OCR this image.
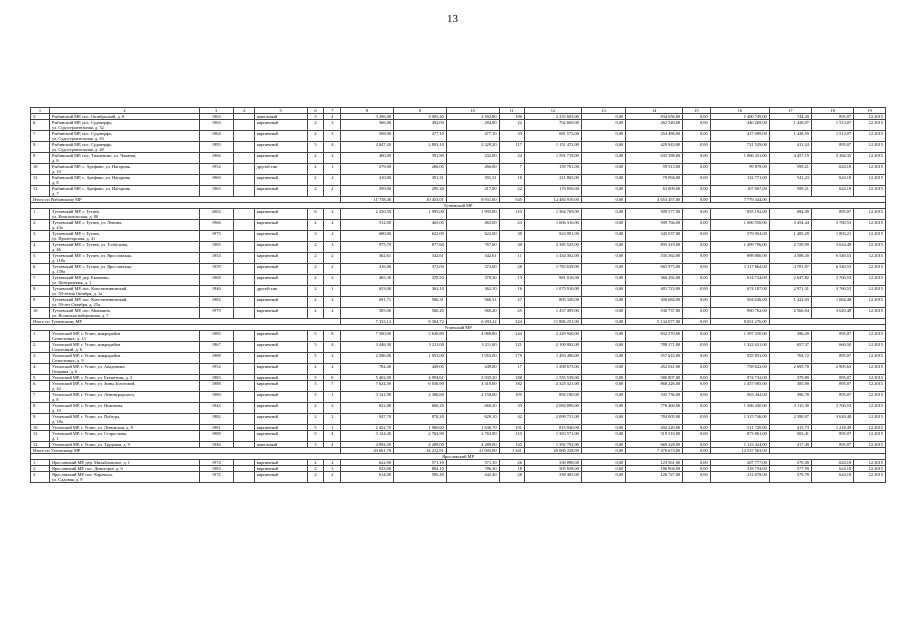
13
1	2	3	4	5	6	7	8	9	10	11	12	13	14	15	16	17	18	19
5.	Рыбинский МР, пос. Октябрьский, д. 8	1963		панельный	5	4	3 296,00	3 005,40	2 502,80	186	2 235 605,00	0,00	834 656,00	0,00	1 400 749,00	744,29	895,07	12.2015
6.	Рыбинский МР, пос. Судоверфь,
ул. Судостроительная, д. 32	1963		кирпичный	2	3	566,00	492,00	284,90	22	702 669,00	0,00	262 540,00	0,00	440 269,00	1 428,07	1 513,07	12.2015
7.	Рыбинский МР, пос. Судоверфь,
ул. Судостроительная, д. 33	1964		кирпичный	2	3	508,00	477,10	477,10	33	681 575,00	0,00	254 486,00	0,00	427 089,00	1 428,59	1 513,07	12.2015
8.	Рыбинский МР, пос. Судоверфь,
ул. Судостроительная, д. 28	1995		кирпичный	5	4	2 847,20	2 803,10	2 329,20	117	1 151 472,00	0,00	429 943,00	0,00	721 529,00	411,24	895,07	12.2015
9.	Рыбинский МР, пос. Тихменово, ул. Чапаева,
д. 6	1966		кирпичный	2	2	400,09	391,80	232,00	24	1 591 719,00	0,00	635 388,00	0,00	1 066 331,00	4 457,19	5 364,35	12.2015
10.	Рыбинский МР, с. Арефино, ул. Нагорная,
д. 10	1952		другой тип	2	1	279,00	266,00	266,00	7	159 761,00	0,00	59 513,00	0,00	99 878,00	599,21	624,18	12.2015
11.	Рыбинский МР, с. Арефино, ул. Нагорная,
д. 8	1969		кирпичный	2	2	410,00	391,31	391,31	18	211 865,00	0,00	79 094,00	0,00	132 771,00	541,23	624,18	12.2015
12.	Рыбинский МР, с. Арефино, ул. Нагорная,
д. 7	1965		кирпичный	2	2	299,00	295,30	217,00	22	170 856,00	0,00	63 809,00	0,00	107 067,00	599,21	624,18	12.2015
Итого по Рыбинскому МР							11 738,40	10 453,01	8 931,60	545	12 484 919,00	0,00	4 653 457,00	0,00	7 779 444,00			
Тутаевский МР																		
1.	Тутаевский МР, г. Тутаев,
ул. Комсомольская, д. 80	2002		кирпичный	6	2	2 250,50	1 995,00	1 995,00	110	1 364 769,00	0,00	509 577,00	0,00	855 192,00	684,09	895,07	12.2015
2.	Тутаевский МР, г. Тутаев, ул. Ленина,
д. 43а	1966		кирпичный	2	2	512,00	465,00	465,00	23	1 606 316,00	0,00	599 766,00	0,00	1 006 550,00	3 454,44	3 760,53	12.2015
3.	Тутаевский МР, г. Тутаев,
ул. Пролетарская, д. 41	1975		кирпичный	3	2	680,00	622,00	622,00	30	924 091,00	0,00	345 037,00	0,00	579 054,00	1 485,29	1 803,21	12.2015
4.	Тутаевский МР, г. Тутаев, ул. Толбухина,
д. 46	1985		кирпичный	2	3	975,79	877,60	767,60	40	2 395 525,00	0,00	895 419,00	0,00	1 499 706,00	2 729,99	3 624,48	12.2015
5.	Тутаевский МР, г. Тутаев, ул. Ярославская,
д. 118а	1954		кирпичный	2	2	362,61	342,61	342,61	11	1 434 362,00	0,00	535 562,00	0,00	898 800,00	4 588,30	6 540,53	12.2015
6.	Тутаевский МР, г. Тутаев, ул. Ярославская,
д. 139а	1959		кирпичный	2	2	416,00	373,00	373,00	28	1 783 639,00	0,00	665 975,00	0,00	1 117 664,00	4 781,87	6 540,53	12.2015
7.	Тутаевский МР, дер. Емишево,
ул. Центральная, д. 1	1968		кирпичный	2	2	465,30	370,50	370,50	13	981 016,00	0,00	366 292,00	0,00	614 724,00	2 647,82	3 760,53	12.2015
8.	Тутаевский МР, пос. Константиновский,
ул. 50-летия Октября, д. 1а	1946		другой тип	2	1	653,00	362,10	362,10	16	1 075 910,00	0,00	401 723,00	0,00	674 187,00	2 971,31	3 760,53	12.2015
9.	Тутаевский МР, пос. Константиновский,
ул. 50-лет Октября, д. 25а	1982		кирпичный	2	2	691,71	566,31	566,31	27	805 320,00	0,00	300 684,00	0,00	504 636,00	1 422,03	1 664,48	12.2015
10.	Тутаевский МР, пос. Микшино,
ул. Волжская набережная, д. 7	1979		кирпичный	2	2	585,00	560,20	560,20	25	1 437 499,00	0,00	536 737,00	0,00	900 762,00	2 566,04	3 620,48	12.2015
Итого по Тутаевскому МР							7 333,12	6 304,72	6 293,22	324	11 886 251,00	0,00	5 134 077,00	0,00	8 651 276,00			
Угличский МР																		
1.	Угличский МР, г. Углич, микрорайон
Селистовых, д. 13	1985		кирпичный	5	8	7 500,00	5 630,80	4 968,80	244	2 229 920,00	0,00	832 570,00	0,00	1 397 250,00	396,20	895,07	12.2015
2.	Угличский МР, г. Углич, микрорайон
Солнечный, д. 6	1967		кирпичный	5	4	3 446,30	3 211,00	3 211,00	121	2 100 802,00	0,00	788 171,00	0,00	1 322 631,00	657,37	660,50	12.2015
3.	Угличский МР, г. Углич, микрорайон
Селистовых, д. 9	1988		кирпичный	5	2	2 586,00	1 953,00	1 953,00	179	1 493 496,00	0,00	557 643,00	0,00	935 853,00	764,72	895,07	12.2015
4.	Угличский МР, г. Углич, ул. Академика
Опарина, д. 6	1952		кирпичный	2	2	784,40	449,00	449,00	17	1 208 675,00	0,00	452 041,00	0,00	758 622,00	2 695,78	2 905,63	12.2015
5.	Угличский МР, г. Углич, ул. Бехметова, д. 3	1983		кирпичный	5	6	5 402,00	4 994,61	3 935,20	188	1 555 539,00	0,00	580 807,00	0,00	974 732,00	379,89	895,07	12.2015
6.	Угличский МР, г. Углич, ул. Зины Золотовой,
д. 42	1988		кирпичный	5	7	7 624,50	6 036,90	4 310,00	182	2 325 321,00	0,00	868 226,00	0,00	1 457 095,00	385,90	895,07	12.2015
7.	Угличский МР, г. Углич, ул. Ленинградского,
д. 8	1989		кирпичный	5	1	3 141,90	2 306,60	2 150,00	105	894 180,00	0,00	335 736,00	0,00	563 444,00	396,78	895,07	12.2015
8.	Угличский МР, г. Углич, ул. Никонова,
д. 10	1944		кирпичный	2	2	822,88	660,20	660,20	33	2 084 890,00	0,00	778 460,00	0,00	1 306 430,00	3 115,30	3 760,53	12.2015
9.	Угличский МР, г. Углич, ул. Победы,
д. 18а	1982		кирпичный	2	2	947,70	878,20	829,10	42	2 099 751,00	0,00	784 005,00	0,00	1 315 746,00	2 390,97	3 620,48	12.2015
10.	Угличский МР, г. Углич, ул. Ленинская, д. 8	1981		кирпичный	5	1	2 452,70	1 960,60	1 636,70	101	815 940,00	0,00	304 220,00	0,00	511 720,00	415,73	1 218,49	12.2015
11.	Угличский МР, г. Углич, ул. Старостина,
д. 1	1989		кирпичный	5	4	3 124,40	2 763,90	2 763,90	110	1 393 571,00	0,00	519 510,00	0,00	873 861,00	503,41	895,07	12.2015
12.	Угличский МР, г. Углич, ул. Трудовая, д. 9	1946		панельный	3	4	4 894,50	4 289,00	4 289,00	145	1 392 792,00	0,00	669 228,00	0,00	1 123 424,00	417,49	895,07	12.2015
Итого по Угличскому МР							43 661,78	34 212,91	31 005,00	1 341	20 069 228,00	0,00	7 470 673,00	0,00	12 537 563,00			
Ярославский МР																		
1.	Ярославский МР, дер. Михайловское, д. 1	1974		кирпичный	2	2	622,90	571,10	571,10	26	330 098,00	0,00	123 561,00	0,00	207 777,00	579,49	624,18	12.2015
2.	Ярославский МР, пос. Дивогорье, д. 6	1983		кирпичный	2	3	923,00	882,10	786,30	18	505 658,00	0,00	186 904,00	0,00	318 754,00	577,99	624,18	12.2015
3.	Ярославский МР, пос. Карачиха,
ул. Садовая, д. 9	1972		кирпичный	2	2	614,00	585,40	442,40	28	339 405,00	0,00	126 727,00	0,00	212 678,00	579,78	624,18	12.2015
